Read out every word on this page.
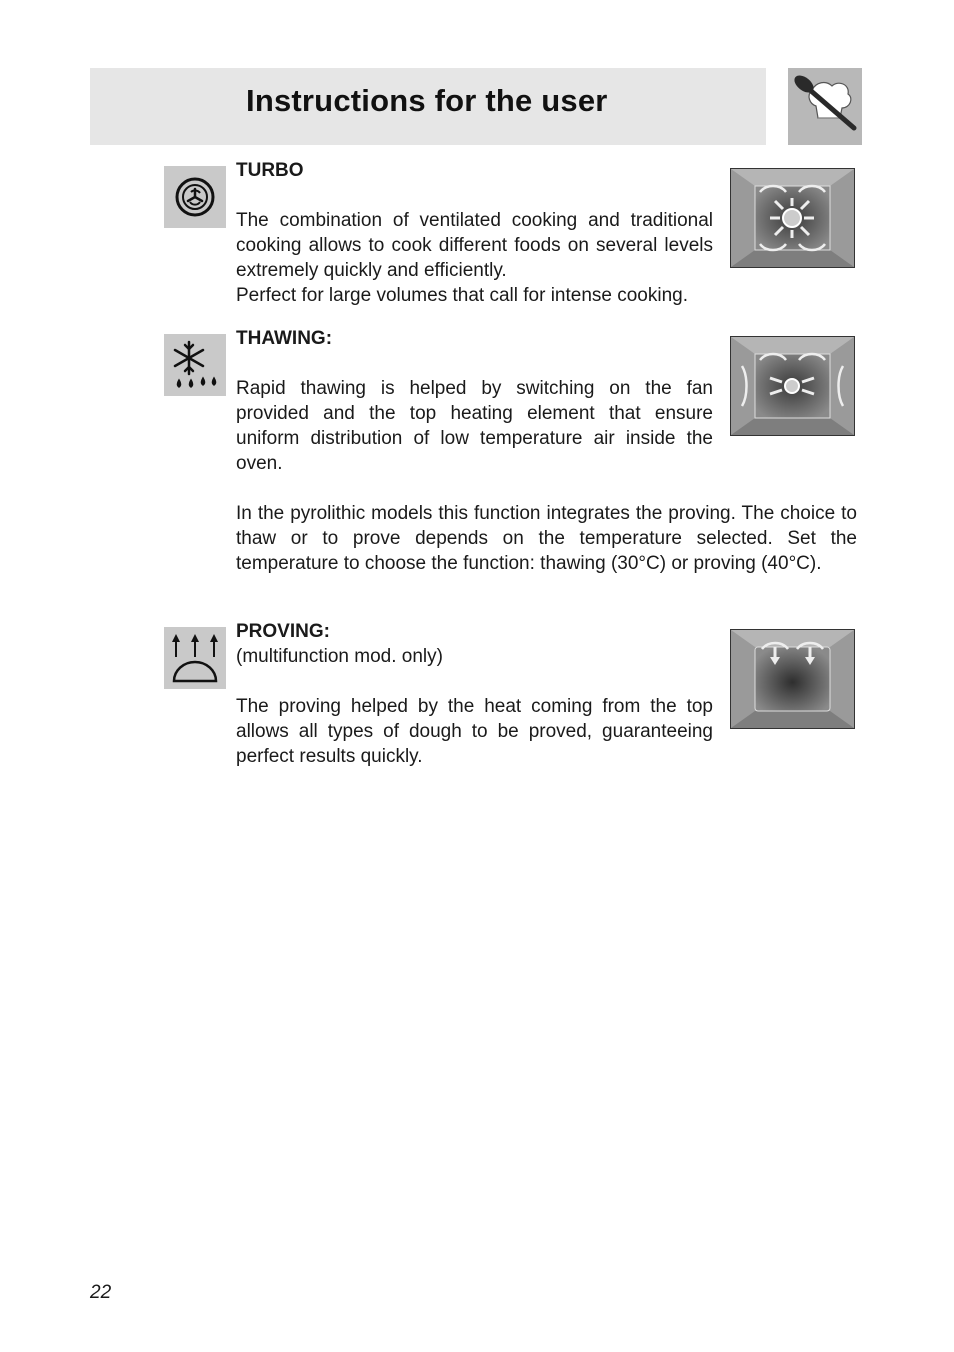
Instructions for the user
TURBO

The combination of ventilated cooking and traditional cooking allows to cook different foods on several levels extremely quickly and efficiently.

Perfect for large volumes that call for intense cooking.

THAWING:

Rapid thawing is helped by switching on the fan provided and the top heating element that ensure uniform distribution of low temperature air inside the oven.

In the pyrolithic models this function integrates the proving. The choice to thaw or to prove depends on the temperature selected. Set the temperature to choose the function: thawing (30°C) or proving (40°C).

PROVING:
(multifunction mod. only)

The proving helped by the heat coming from the top allows all types of dough to be proved, guaranteeing perfect results quickly.

22
